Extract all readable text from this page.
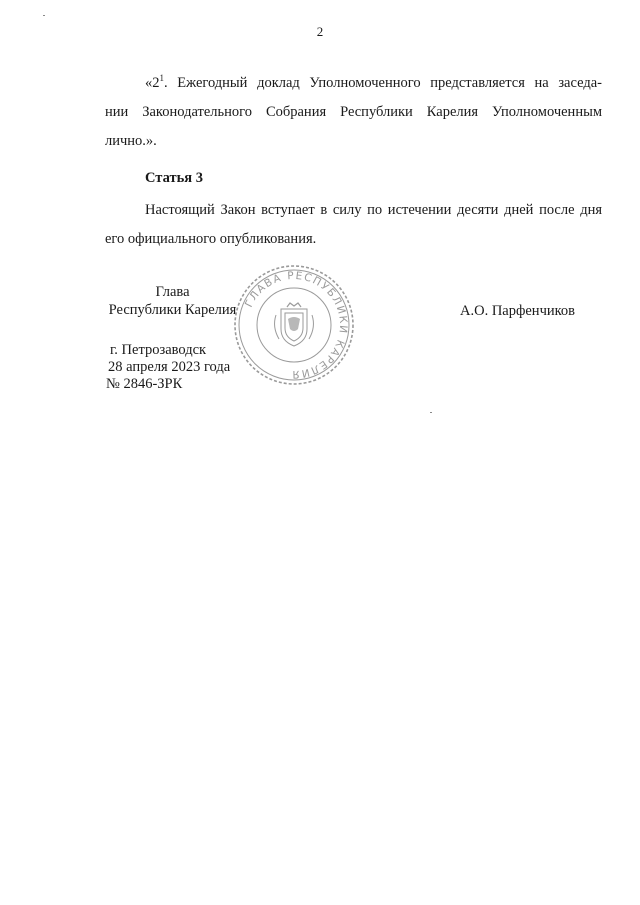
2
«$2^1$. Ежегодный доклад Уполномоченного представляется на заседа-
нии Законодательного Собрания Республики Карелия Уполномоченным
лично.».
Статья 3
Настоящий Закон вступает в силу по истечении десяти дней после дня
его официального опубликования.
Глава
Республики Карелия ГЛАВА РЕСПУБЛИКИ КАРЕЛИЯ
А.О. Парфенчиков
г. Петрозаводск
28 апреля 2023 года
№ 2846-ЗРК
